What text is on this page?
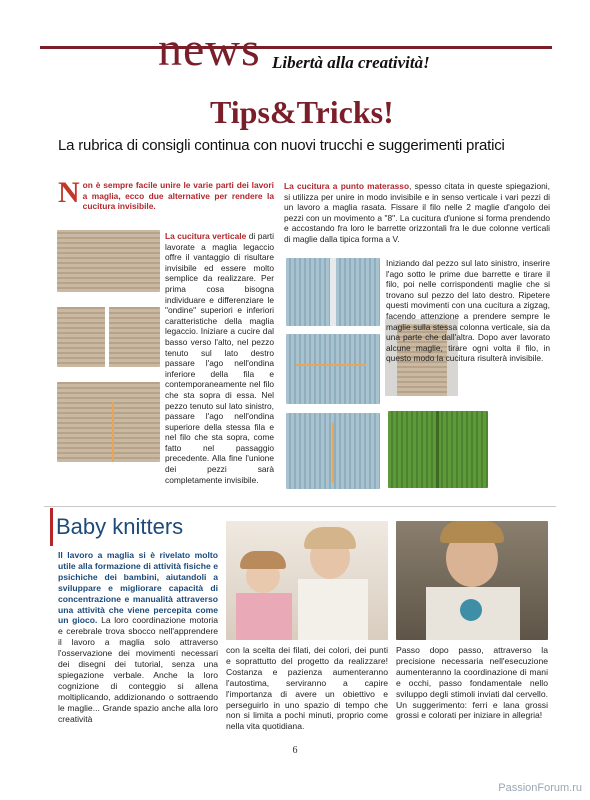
news Libertà alla creatività!
Tips&Tricks!
La rubrica di consigli continua con nuovi trucchi e suggerimenti pratici
N on è sempre facile unire le varie parti dei lavori a maglia, ecco due alternative per rendere la cucitura invisibile.
La cucitura verticale di parti lavorate a maglia legaccio offre il vantaggio di risultare invisibile ed essere molto semplice da realizzare. Per prima cosa bisogna individuare e differenziare le "ondine" superiori e inferiori caratteristiche della maglia legaccio. Iniziare a cucire dal basso verso l'alto, nel pezzo tenuto sul lato destro passare l'ago nell'ondina inferiore della fila e contemporaneamente nel filo che sta sopra di essa. Nel pezzo tenuto sul lato sinistro, passare l'ago nell'ondina superiore della stessa fila e nel filo che sta sopra, come fatto nel passaggio precedente. Alla fine l'unione dei pezzi sarà completamente invisibile.
La cucitura a punto materasso, spesso citata in queste spiegazioni, si utilizza per unire in modo invisibile e in senso verticale i vari pezzi di un lavoro a maglia rasata. Fissare il filo nelle 2 maglie d'angolo dei pezzi con un movimento a "8". La cucitura d'unione si forma prendendo e accostando fra loro le barrette orizzontali fra le due colonne verticali di maglie dalla tipica forma a V.
Iniziando dal pezzo sul lato sinistro, inserire l'ago sotto le prime due barrette e tirare il filo, poi nelle corrispondenti maglie che si trovano sul pezzo del lato destro. Ripetere questi movimenti con una cucitura a zigzag, facendo attenzione a prendere sempre le maglie sulla stessa colonna verticale, sia da una parte che dall'altra. Dopo aver lavorato alcune maglie, tirare ogni volta il filo, in questo modo la cucitura risulterà invisibile.
Baby knitters
Il lavoro a maglia si è rivelato molto utile alla formazione di attività fisiche e psichiche dei bambini, aiutandoli a sviluppare e migliorare capacità di concentrazione e manualità attraverso una attività che viene percepita come un gioco. La loro coordinazione motoria e cerebrale trova sbocco nell'apprendere il lavoro a maglia solo attraverso l'osservazione dei movimenti necessari dei disegni dei tutorial, senza una spiegazione verbale. Anche la loro cognizione di conteggio si allena moltiplicando, addizionando o sottraendo le maglie... Grande spazio anche alla loro creatività
con la scelta dei filati, dei colori, dei punti e soprattutto del progetto da realizzare! Costanza e pazienza aumenteranno l'autostima, serviranno a capire l'importanza di avere un obiettivo e perseguirlo in uno spazio di tempo che non si limita a pochi minuti, proprio come nella vita quotidiana.
Passo dopo passo, attraverso la precisione necessaria nell'esecuzione aumenteranno la coordinazione di mani e occhi, passo fondamentale nello sviluppo degli stimoli inviati dal cervello. Un suggerimento: ferri e lana grossi grossi e colorati per iniziare in allegria!
6
PassionForum.ru
